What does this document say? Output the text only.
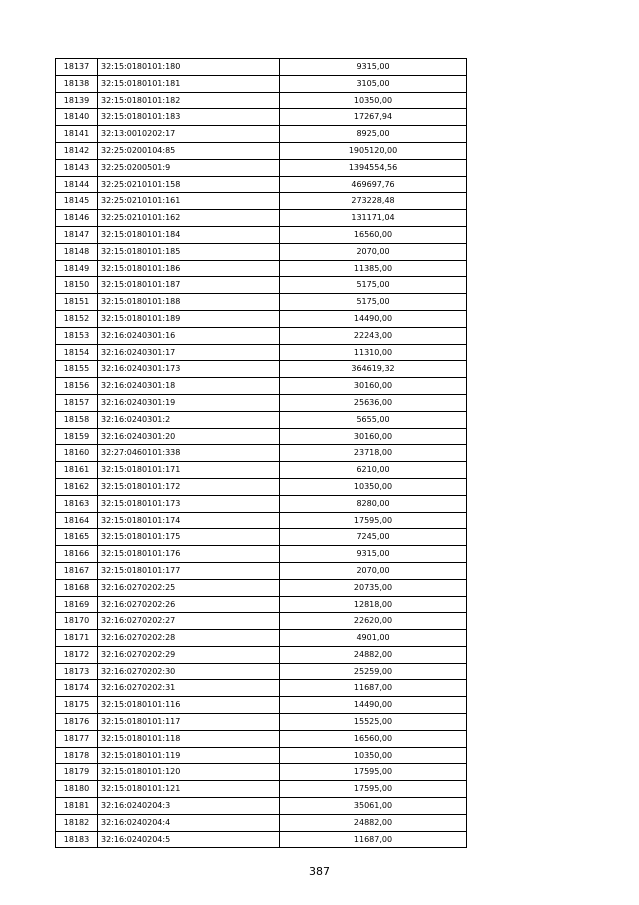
18137	32:15:0180101:180	9315,00
18138	32:15:0180101:181	3105,00
18139	32:15:0180101:182	10350,00
18140	32:15:0180101:183	17267,94
18141	32:13:0010202:17	8925,00
18142	32:25:0200104:85	1905120,00
18143	32:25:0200501:9	1394554,56
18144	32:25:0210101:158	469697,76
18145	32:25:0210101:161	273228,48
18146	32:25:0210101:162	131171,04
18147	32:15:0180101:184	16560,00
18148	32:15:0180101:185	2070,00
18149	32:15:0180101:186	11385,00
18150	32:15:0180101:187	5175,00
18151	32:15:0180101:188	5175,00
18152	32:15:0180101:189	14490,00
18153	32:16:0240301:16	22243,00
18154	32:16:0240301:17	11310,00
18155	32:16:0240301:173	364619,32
18156	32:16:0240301:18	30160,00
18157	32:16:0240301:19	25636,00
18158	32:16:0240301:2	5655,00
18159	32:16:0240301:20	30160,00
18160	32:27:0460101:338	23718,00
18161	32:15:0180101:171	6210,00
18162	32:15:0180101:172	10350,00
18163	32:15:0180101:173	8280,00
18164	32:15:0180101:174	17595,00
18165	32:15:0180101:175	7245,00
18166	32:15:0180101:176	9315,00
18167	32:15:0180101:177	2070,00
18168	32:16:0270202:25	20735,00
18169	32:16:0270202:26	12818,00
18170	32:16:0270202:27	22620,00
18171	32:16:0270202:28	4901,00
18172	32:16:0270202:29	24882,00
18173	32:16:0270202:30	25259,00
18174	32:16:0270202:31	11687,00
18175	32:15:0180101:116	14490,00
18176	32:15:0180101:117	15525,00
18177	32:15:0180101:118	16560,00
18178	32:15:0180101:119	10350,00
18179	32:15:0180101:120	17595,00
18180	32:15:0180101:121	17595,00
18181	32:16:0240204:3	35061,00
18182	32:16:0240204:4	24882,00
18183	32:16:0240204:5	11687,00
387
